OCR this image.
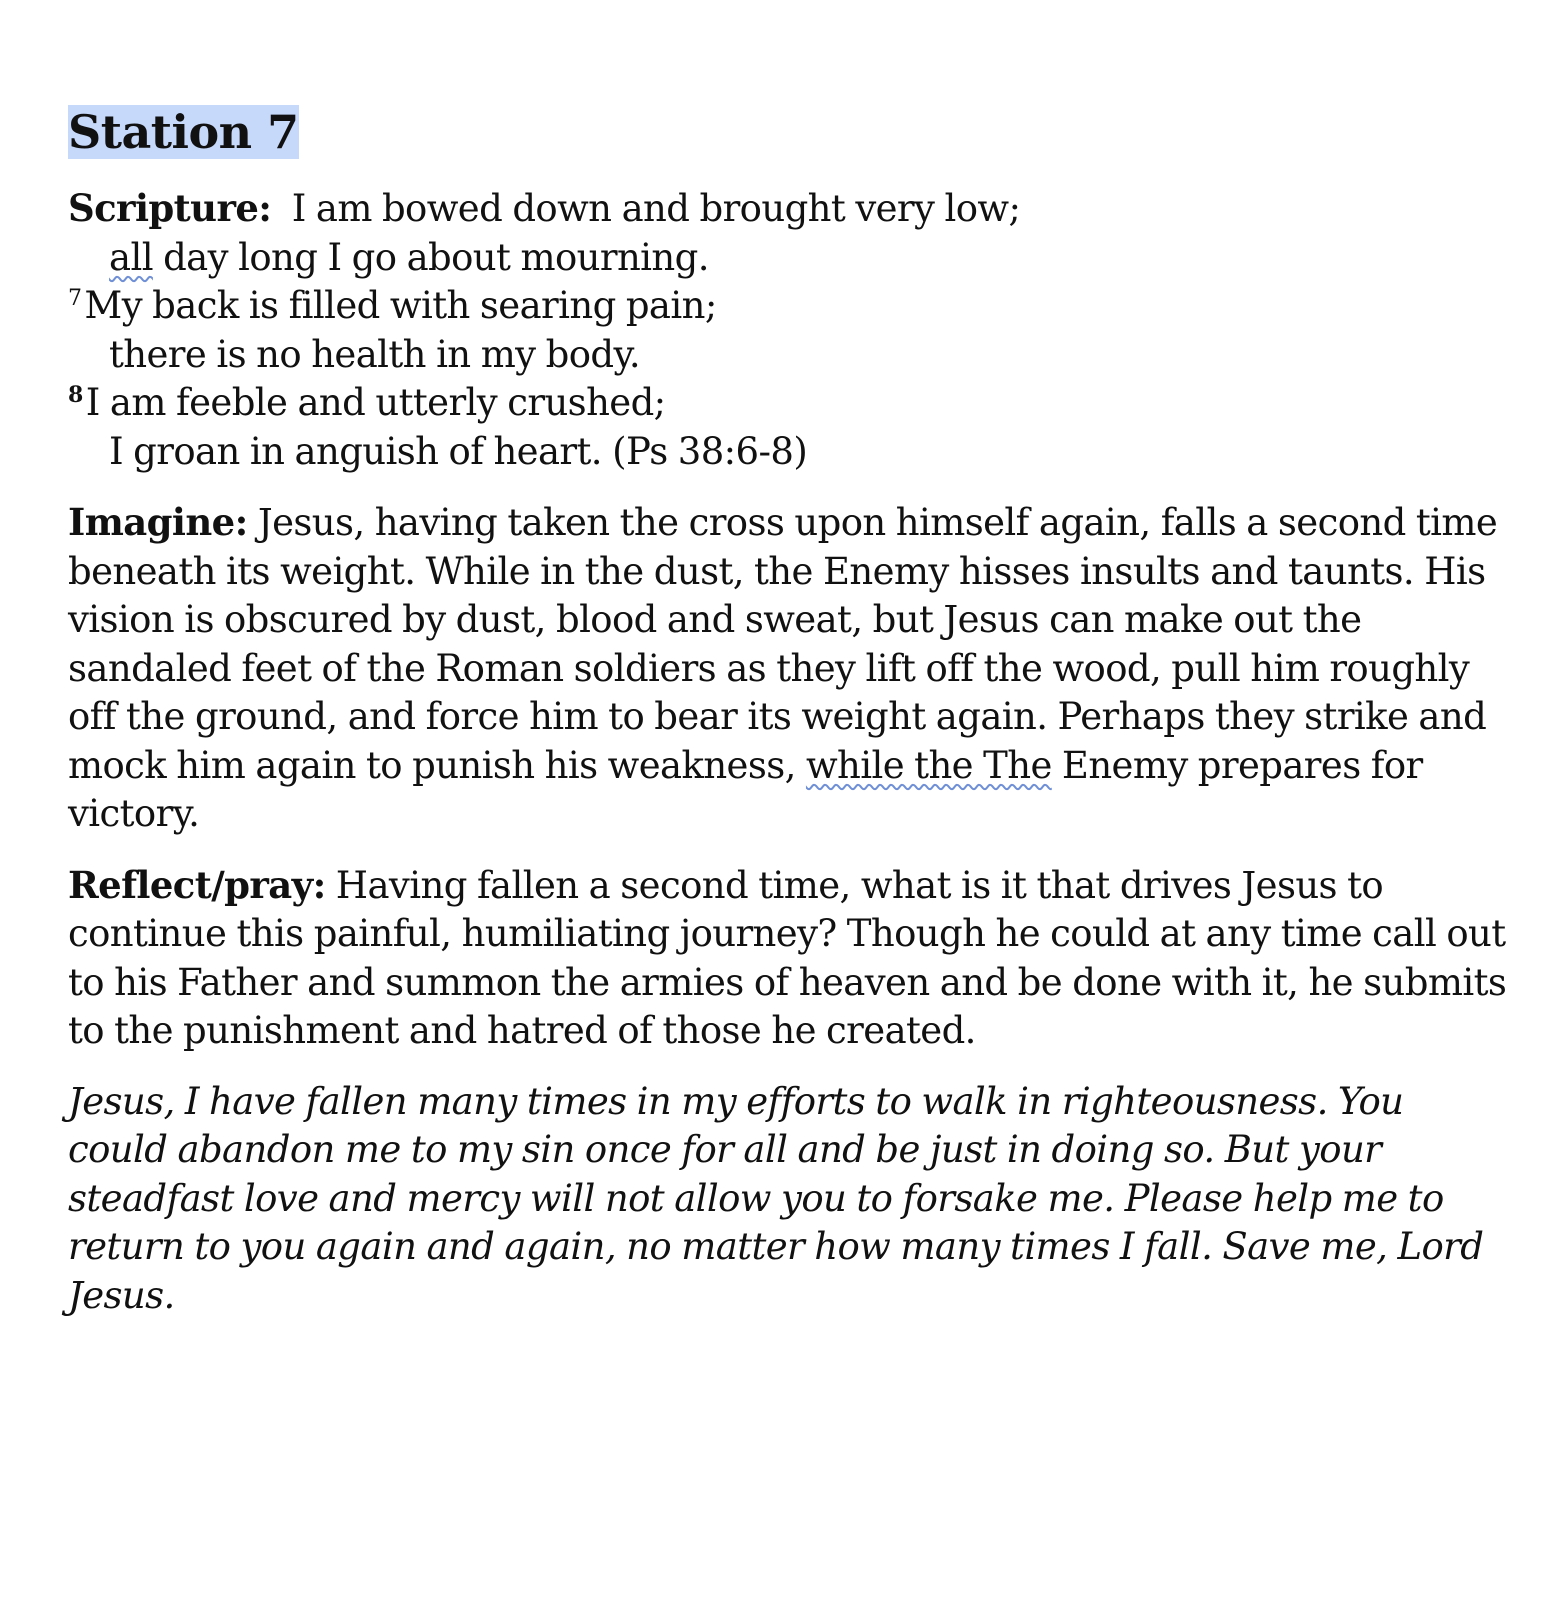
Station 7
Scripture: I am bowed down and brought very low;
all day long I go about mourning.
$^7$My back is filled with searing pain;
there is no health in my body.
$^8$I am feeble and utterly crushed;
I groan in anguish of heart. (Ps 38:6-8)

Imagine: Jesus, having taken the cross upon himself again, falls a second time beneath its weight. While in the dust, the Enemy hisses insults and taunts. His vision is obscured by dust, blood and sweat, but Jesus can make out the sandaled feet of the Roman soldiers as they lift off the wood, pull him roughly off the ground, and force him to bear its weight again. Perhaps they strike and mock him again to punish his weakness, while the The Enemy prepares for victory.

Reflect/pray: Having fallen a second time, what is it that drives Jesus to continue this painful, humiliating journey? Though he could at any time call out to his Father and summon the armies of heaven and be done with it, he submits to the punishment and hatred of those he created.

Jesus, I have fallen many times in my efforts to walk in righteousness. You could abandon me to my sin once for all and be just in doing so. But your steadfast love and mercy will not allow you to forsake me. Please help me to return to you again and again, no matter how many times I fall. Save me, Lord Jesus.
